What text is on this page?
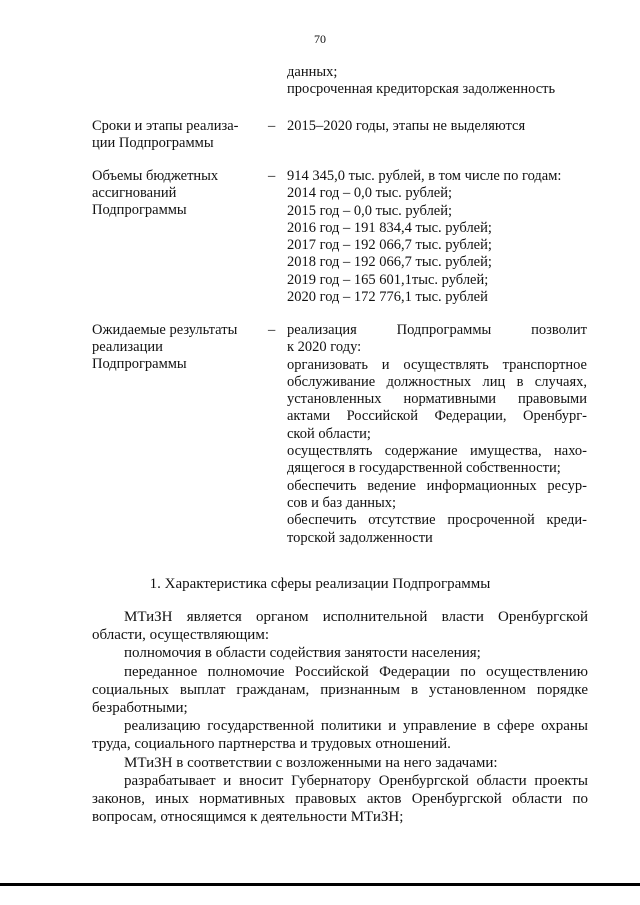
70
данных;
просроченная кредиторская задолженность
Сроки и этапы реализа-
ции Подпрограммы
– 2015–2020 годы, этапы не выделяются
Объемы бюджетных
ассигнований
Подпрограммы
– 914 345,0 тыс. рублей, в том числе по годам:
2014 год – 0,0 тыс. рублей;
2015 год – 0,0 тыс. рублей;
2016 год – 191 834,4 тыс. рублей;
2017 год – 192 066,7 тыс. рублей;
2018 год – 192 066,7 тыс. рублей;
2019 год – 165 601,1тыс. рублей;
2020 год – 172 776,1 тыс. рублей
Ожидаемые результаты
реализации
Подпрограммы
– реализация Подпрограммы позволит
к 2020 году:
организовать и осуществлять транспортное
обслуживание должностных лиц в случаях,
установленных нормативными правовыми
актами Российской Федерации, Оренбург-
ской области;
осуществлять содержание имущества, нахо-
дящегося в государственной собственности;
обеспечить ведение информационных ресур-
сов и баз данных;
обеспечить отсутствие просроченной креди-
торской задолженности
1. Характеристика сферы реализации Подпрограммы

МТиЗН является органом исполнительной власти Оренбургской области, осуществляющим:

полномочия в области содействия занятости населения;

переданное полномочие Российской Федерации по осуществлению социальных выплат гражданам, признанным в установленном порядке безработными;

реализацию государственной политики и управление в сфере охраны труда, социального партнерства и трудовых отношений.

МТиЗН в соответствии с возложенными на него задачами:

разрабатывает и вносит Губернатору Оренбургской области проекты законов, иных нормативных правовых актов Оренбургской области по вопросам, относящимся к деятельности МТиЗН;
